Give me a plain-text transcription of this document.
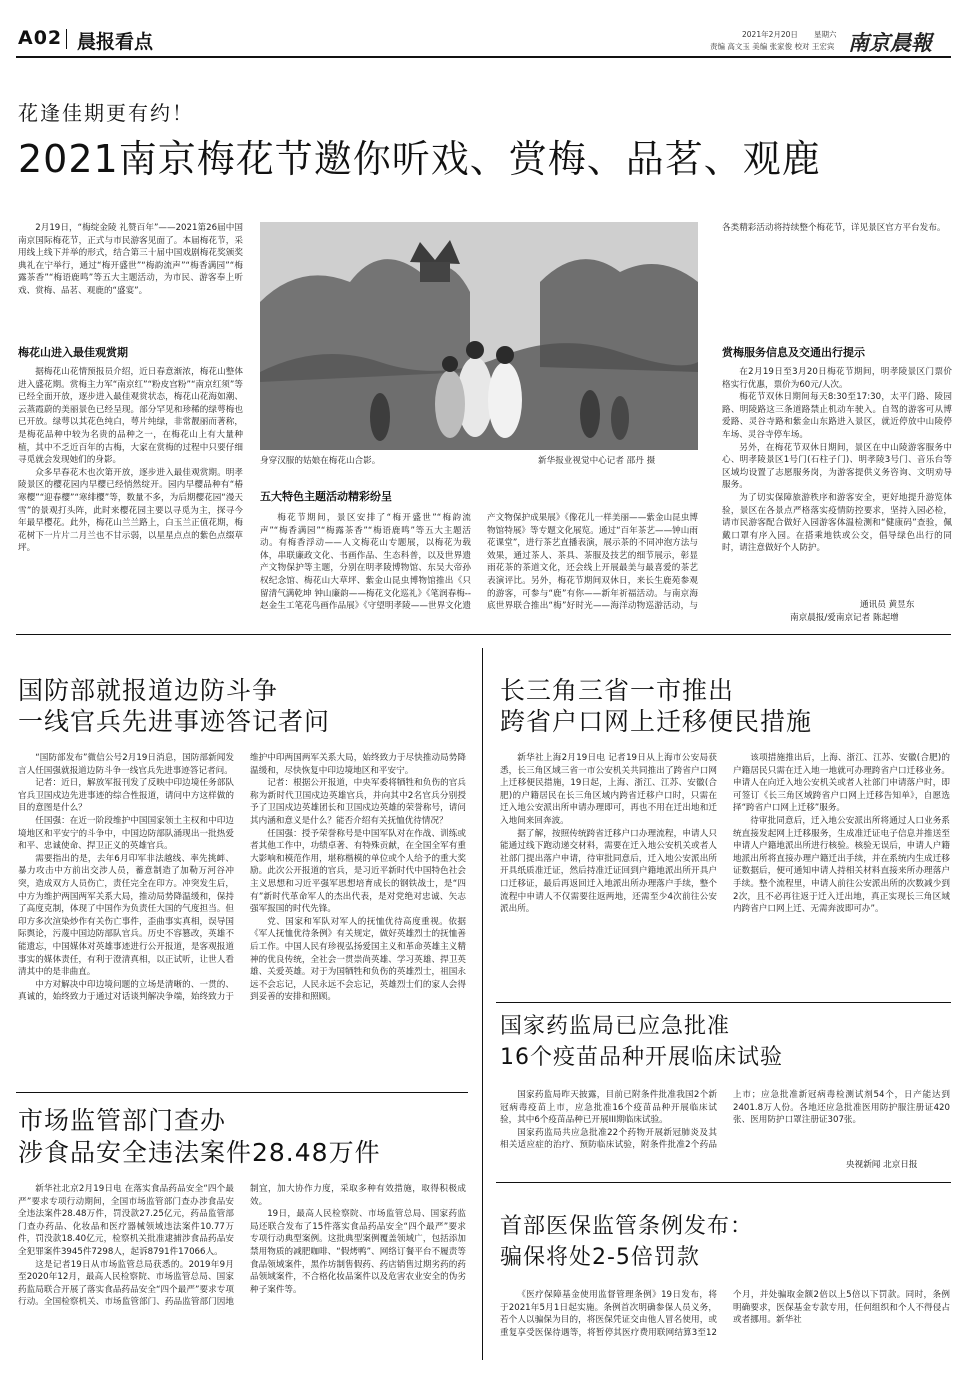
A02 晨报看点	2021年2月20日 星期六
责编 高文玉 美编 张家俊 校对 王宏宾 南京晨報
花逢佳期更有约！
2021南京梅花节邀你听戏、赏梅、品茗、观鹿

2月19日，“梅绽金陵 礼赞百年”——2021第26届中国南京国际梅花节，正式与市民游客见面了。本届梅花节，采用线上线下并举的形式，结合第三十届中国戏剧梅花奖颁奖典礼在宁举行，通过“梅开盛世”“梅韵流声”“梅香满园”“梅露茶香”“梅语鹿鸣”等五大主题活动，为市民、游客奉上听戏、赏梅、品茗、观鹿的“盛宴”。

梅花山进入最佳观赏期

据梅花山花情预报员介绍，近日春意渐浓，梅花山整体进入盛花期。赏梅主力军“南京红”“粉皮宫粉”“南京红须”等已经全面开放，逐步进入最佳观赏状态，梅花山花海如潮、云蒸霞蔚的美丽景色已经呈现。部分罕见和珍稀的绿萼梅也已开放。绿萼以其花色纯白，萼片纯绿，非常靓丽而著称，是梅花品种中较为名贵的品种之一，在梅花山上有大量种植，其中不乏近百年的古梅，大家在赏梅的过程中只要仔细寻觅就会发现她们的身影。

众多早春花木也次第开放，逐步进入最佳观赏期。明孝陵景区的樱花园内早樱已经悄然绽开。园内早樱品种有“椿寒樱”“迎春樱”“寒绯樱”等，数量不多，为后期樱花园“漫天雪”的景观打头阵，此时来樱花园主要以寻觅为主，探寻今年最早樱花。此外，梅花山兰兰路上，白玉兰正值花期，梅花树下一片片二月兰也不甘示弱，以星星点点的紫色点缀草坪。

身穿汉服的姑娘在梅花山合影。	新华报业视觉中心记者 邵丹 摄
五大特色主题活动精彩纷呈

梅花节期间，景区安排了“梅开盛世”“梅韵流声”“梅香满园”“梅露茶香”“梅语鹿鸣”等五大主题活动。有梅香浮动——人文梅花山专题展，以梅花为载体，串联廉政文化、书画作品、生态科普，以及世界遗产文物保护等主题，分别在明孝陵博物馆、东吴大帝孙权纪念馆、梅花山大草坪、紫金山昆虫博物馆推出《只留清气满乾坤 钟山廉韵——梅花文化巡礼》《笔润春梅--赵金生工笔花鸟画作品展》《守望明孝陵——世界文化遗产文物保护成果展》《像花儿一样美丽——紫金山昆虫博物馆特展》等专题文化展览。通过“百年茶艺——钟山雨花课堂”，进行茶艺直播表演，展示茶的不同冲泡方法与效果，通过茶人、茶具、茶服及技艺的细节展示，彰显雨花茶的茶道文化，还会线上开展最美与最喜爱的茶艺表演评比。另外，梅花节期间双休日，来长生鹿苑参观的游客，可参与“鹿”有你——新年祈福活动。与南京海底世界联合推出“梅”好时光——海洋动物巡游活动，与

各类精彩活动将持续整个梅花节，详见景区官方平台发布。

赏梅服务信息及交通出行提示

在2月19日至3月20日梅花节期间，明孝陵景区门票价格实行优惠，票价为60元/人次。

梅花节双休日期间每天8:30至17:30，太平门路、陵园路、明陵路这三条道路禁止机动车驶入。自驾的游客可从博爱路、灵谷寺路和紫金山东路进入景区，就近停放中山陵停车场、灵谷寺停车场。

另外，在梅花节双休日期间，景区在中山陵游客服务中心、明孝陵景区1号门(石柱子门)、明孝陵3号门、音乐台等区域均设置了志愿服务岗，为游客提供义务咨询、文明劝导服务。

为了切实保障旅游秩序和游客安全，更好地提升游览体验，景区在各景点严格落实疫情防控要求，坚持入园必检，请市民游客配合做好入园游客体温检测和“健康码”查验，佩戴口罩有序入园。在搭乘地铁或公交，倡导绿色出行的同时，请注意做好个人防护。

通讯员 黄昱东
南京晨报/爱南京记者 陈起增
国防部就报道边防斗争
一线官兵先进事迹答记者问

“国防部发布”微信公号2月19日消息，国防部新闻发言人任国强就报道边防斗争一线官兵先进事迹答记者问。

记者：近日，解放军报刊发了反映中印边境任务部队官兵卫国戍边先进事迹的综合性报道，请问中方这样做的目的意图是什么？

任国强：在近一阶段维护中国国家领土主权和中印边境地区和平安宁的斗争中，中国边防部队涌现出一批热爱和平、忠诚使命、捍卫正义的英雄官兵。

需要指出的是，去年6月印军非法越线、率先挑衅、暴力攻击中方前出交涉人员，蓄意制造了加勒万河谷冲突，造成双方人员伤亡，责任完全在印方。冲突发生后，中方为维护两国两军关系大局，推动局势降温缓和，保持了高度克制，体现了中国作为负责任大国的气度担当。但印方多次渲染炒作有关伤亡事件，歪曲事实真相，误导国际舆论，污蔑中国边防部队官兵。历史不容篡改，英雄不能遗忘，中国媒体对英雄事迹进行公开报道，是客观报道事实的媒体责任，有利于澄清真相，以正试听，让世人看清其中的是非曲直。

中方对解决中印边境问题的立场是清晰的、一贯的、真诚的，始终致力于通过对话谈判解决争端，始终致力于维护中印两国两军关系大局，始终致力于尽快推动局势降温缓和，尽快恢复中印边境地区和平安宁。

记者：根据公开报道，中央军委将牺牲和负伤的官兵称为新时代卫国戍边英雄官兵，并向其中2名官兵分别授予了卫国戍边英雄团长和卫国戍边英雄的荣誉称号，请问其内涵和意义是什么？能否介绍有关抚恤优待情况？

任国强：授予荣誉称号是中国军队对在作战、训练或者其他工作中，功绩卓著、有特殊贡献，在全国全军有重大影响和模范作用，堪称楷模的单位或个人给予的重大奖励。此次公开报道的官兵，是习近平新时代中国特色社会主义思想和习近平强军思想培育成长的钢铁战士，是“四有”新时代革命军人的杰出代表，是对党绝对忠诚、矢志强军报国的时代先锋。

党、国家和军队对军人的抚恤优待高度重视。依据《军人抚恤优待条例》有关规定，做好英雄烈士的抚恤善后工作。中国人民有珍视弘扬爱国主义和革命英雄主义精神的优良传统，全社会一贯崇尚英雄、学习英雄、捍卫英雄、关爱英雄。对于为国牺牲和负伤的英雄烈士，祖国永远不会忘记，人民永远不会忘记，英雄烈士们的家人会得到妥善的安排和照顾。

市场监管部门查办
涉食品安全违法案件28.48万件

新华社北京2月19日电 在落实食品药品安全“四个最严”要求专项行动期间，全国市场监管部门查办涉食品安全违法案件28.48万件，罚没款27.25亿元，药品监管部门查办药品、化妆品和医疗器械领域违法案件10.77万件，罚没款18.40亿元，检察机关批准逮捕涉食品药品安全犯罪案件3945件7298人，起诉8791件17066人。

这是记者19日从市场监管总局获悉的。2019年9月至2020年12月，最高人民检察院、市场监管总局、国家药监局联合开展了落实食品药品安全“四个最严”要求专项行动。全国检察机关、市场监管部门、药品监管部门因地制宜，加大协作力度，采取多种有效措施，取得积极成效。

19日，最高人民检察院、市场监管总局、国家药监局还联合发布了15件落实食品药品安全“四个最严”要求专项行动典型案例。这批典型案例覆盖领域广，包括添加禁用物质的减肥咖啡、“假烤鸭”、网络订餐平台不履责等食品领域案件，黑作坊制售假药、药店销售过期劣药的药品领域案件，不合格化妆品案件以及危害农业安全的伪劣种子案件等。

长三角三省一市推出
跨省户口网上迁移便民措施

新华社上海2月19日电 记者19日从上海市公安局获悉，长三角区域三省一市公安机关共同推出了跨省户口网上迁移便民措施，19日起，上海、浙江、江苏、安徽(合肥)的户籍居民在长三角区域内跨省迁移户口时，只需在迁入地公安派出所申请办理即可，再也不用在迁出地和迁入地间来回奔波。

据了解，按照传统跨省迁移户口办理流程，申请人只能通过线下跑动递交材料，需要在迁入地公安机关或者人社部门提出落户申请，待审批同意后，迁入地公安派出所开具纸质准迁证，然后持准迁证回到户籍地派出所开具户口迁移证，最后再返回迁入地派出所办理落户手续，整个流程中申请人不仅需要往返两地，还需至少4次前往公安派出所。

该项措施推出后，上海、浙江、江苏、安徽(合肥)的户籍居民只需在迁入地一地就可办理跨省户口迁移业务。申请人在向迁入地公安机关或者人社部门申请落户时，即可签订《长三角区域跨省户口网上迁移告知单》，自愿选择“跨省户口网上迁移”服务。

待审批同意后，迁入地公安派出所将通过人口业务系统直接发起网上迁移服务，生成准迁证电子信息并推送至申请人户籍地派出所进行核验。核验无误后，申请人户籍地派出所将直接办理户籍迁出手续，并在系统内生成迁移证数据后，便可通知申请人持相关材料直接来所办理落户手续。整个流程里，申请人前往公安派出所的次数减少到2次，且不必再往返于迁入迁出地，真正实现长三角区域内跨省户口网上迁、无需奔波即可办”。

国家药监局已应急批准
16个疫苗品种开展临床试验

国家药监局昨天披露，目前已附条件批准我国2个新冠病毒疫苗上市，应急批准16个疫苗品种开展临床试验，其中6个疫苗品种已开展III期临床试验。

国家药监局共应急批准22个药物开展新冠肺炎及其相关适应症的治疗、预防临床试验，附条件批准2个药品上市；应急批准新冠病毒检测试剂54个，日产能达到2401.8万人份。各地还应急批准医用防护服注册证420张、医用防护口罩注册证307张。

央视新闻 北京日报
首部医保监管条例发布：
骗保将处2-5倍罚款

《医疗保障基金使用监督管理条例》19日发布，将于2021年5月1日起实施。条例首次明确参保人员义务，若个人以骗保为目的，将医保凭证交由他人冒名使用，或重复享受医保待遇等，将暂停其医疗费用联网结算3至12个月，并处骗取金额2倍以上5倍以下罚款。同时，条例明确要求，医保基金专款专用，任何组织和个人不得侵占或者挪用。新华社
